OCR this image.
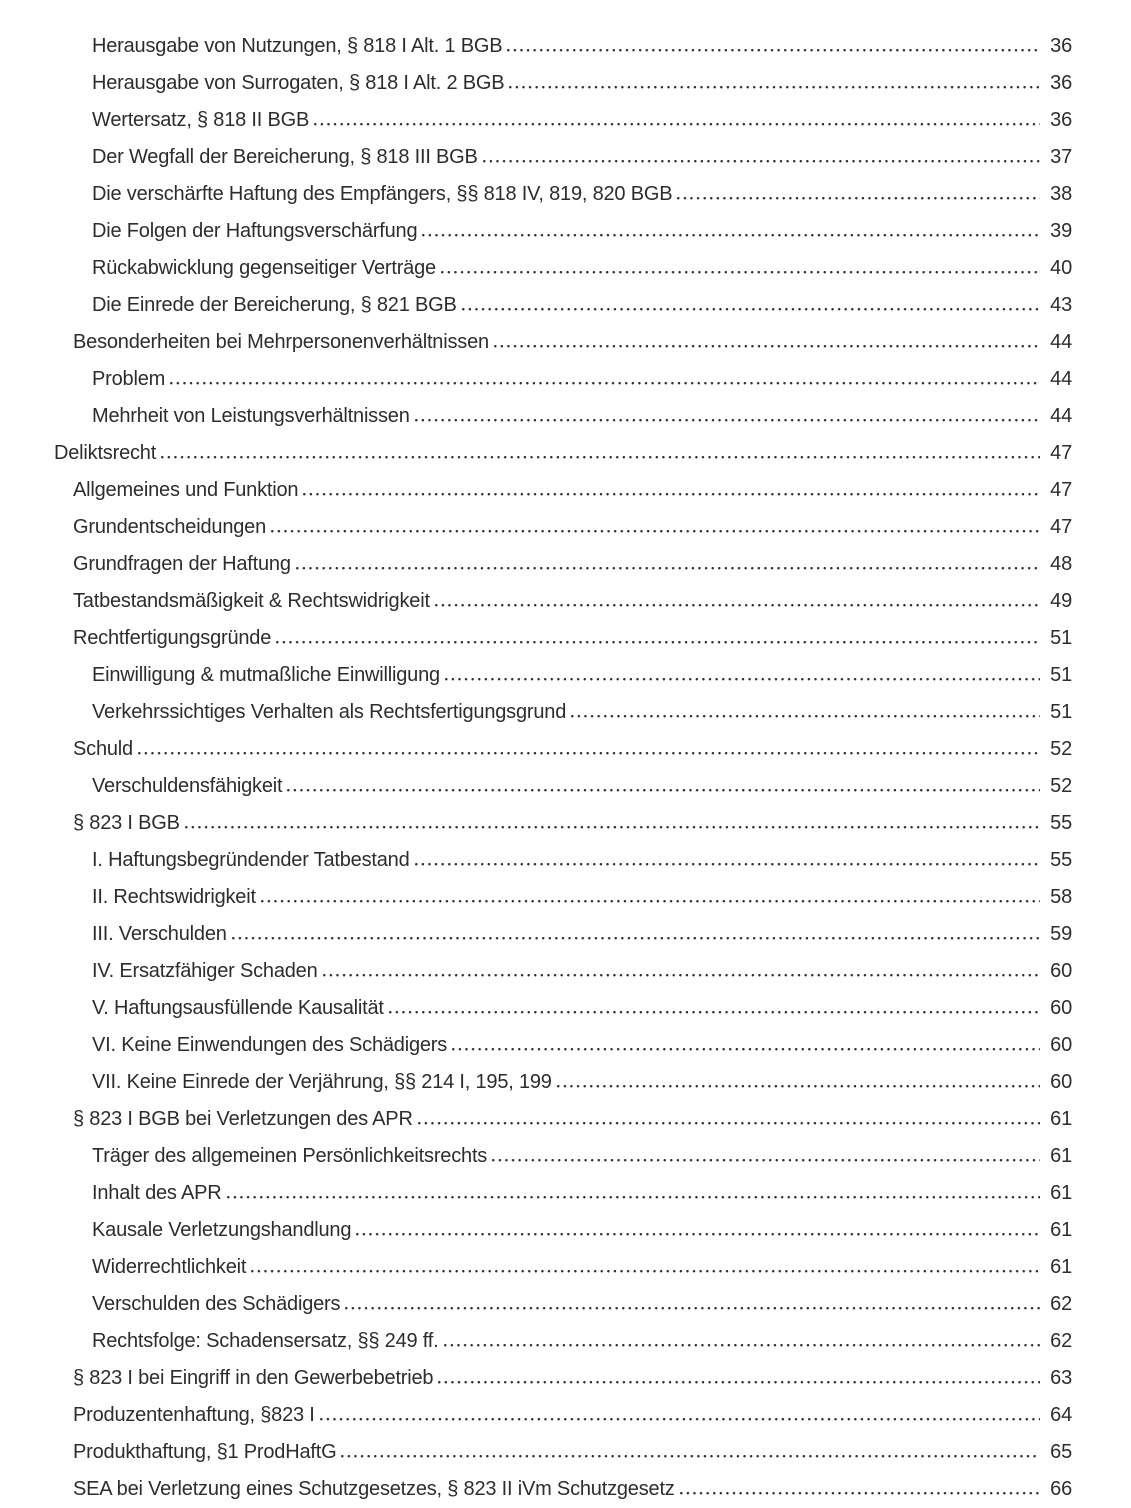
Herausgabe von Nutzungen, § 818 I Alt. 1 BGB	36
Herausgabe von Surrogaten, § 818 I Alt. 2 BGB	36
Wertersatz, § 818 II BGB	36
Der Wegfall der Bereicherung, § 818 III BGB	37
Die verschärfte Haftung des Empfängers, §§ 818 IV, 819, 820 BGB	38
Die Folgen der Haftungsverschärfung	39
Rückabwicklung gegenseitiger Verträge	40
Die Einrede der Bereicherung, § 821 BGB	43
Besonderheiten bei Mehrpersonenverhältnissen	44
Problem	44
Mehrheit von Leistungsverhältnissen	44
Deliktsrecht	47
Allgemeines und Funktion	47
Grundentscheidungen	47
Grundfragen der Haftung	48
Tatbestandsmäßigkeit & Rechtswidrigkeit	49
Rechtfertigungsgründe	51
Einwilligung & mutmaßliche Einwilligung	51
Verkehrssichtiges Verhalten als Rechtsfertigungsgrund	51
Schuld	52
Verschuldensfähigkeit	52
§ 823 I BGB	55
I. Haftungsbegründender Tatbestand	55
II. Rechtswidrigkeit	58
III. Verschulden	59
IV. Ersatzfähiger Schaden	60
V. Haftungsausfüllende Kausalität	60
VI. Keine Einwendungen des Schädigers	60
VII. Keine Einrede der Verjährung, §§ 214 I, 195, 199	60
§ 823 I BGB bei Verletzungen des APR	61
Träger des allgemeinen Persönlichkeitsrechts	61
Inhalt des APR	61
Kausale Verletzungshandlung	61
Widerrechtlichkeit	61
Verschulden des Schädigers	62
Rechtsfolge: Schadensersatz, §§ 249 ff.	62
§ 823 I bei Eingriff in den Gewerbebetrieb	63
Produzentenhaftung, §823 I	64
Produkthaftung, §1 ProdHaftG	65
SEA bei Verletzung eines Schutzgesetzes, § 823 II iVm Schutzgesetz	66
